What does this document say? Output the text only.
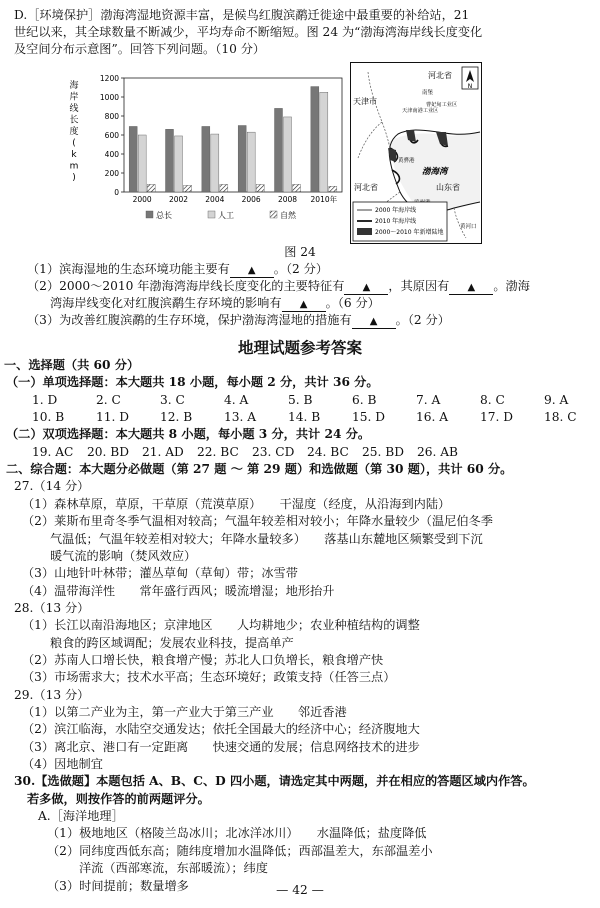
D.［环境保护］渤海湾湿地资源丰富，是候鸟红腹滨鹬迁徙途中最重要的补给站，21
世纪以来，其全球数量不断减少，平均寿命不断缩短。图 24 为“渤海湾海岸线长度变化
及空间分布示意图”。回答下列问题。（10 分）
0
200
400
600
800
1000
1200
海
岸
线
长
度
(
k
m
)
2000 2002 2004 2006 2008 2010年
总长	人工	自然
N
河北省
天津市
南堡
天津南港工业区
曹妃甸工业区
渤海湾
黄骅港
河北省	山东省
黄河口
2000 年海岸线
2010 年海岸线
2000～2010 年新增陆地
图 24
（1）滨海湿地的生态环境功能主要有 ▲ 。（2 分）
（2）2000～2010 年渤海湾海岸线长度变化的主要特征有 ▲ ，其原因有 ▲ 。渤海
湾海岸线变化对红腹滨鹬生存环境的影响有 ▲ 。（6 分）
（3）为改善红腹滨鹬的生存环境，保护渤海湾湿地的措施有 ▲ 。（2 分）
地理试题参考答案
一、选择题（共 60 分）
（一）单项选择题：本大题共 18 小题，每小题 2 分，共计 36 分。
1. D	2. C	3. C	4. A	5. B	6. B	7. A	8. C	9. A
10. B	11. D	12. B	13. A	14. B	15. D	16. A	17. D	18. C
（二）双项选择题：本大题共 8 小题，每小题 3 分，共计 24 分。
19. AC 20. BD 21. AD 22. BC 23. CD 24. BC 25. BD 26. AB
二、综合题：本大题分必做题（第 27 题 ～ 第 29 题）和选做题（第 30 题），共计 60 分。
27.（14 分）
（1）森林草原，草原，干草原（荒漠草原）　　干湿度（经度，从沿海到内陆）
（2）莱斯布里奇冬季气温相对较高；气温年较差相对较小；年降水量较少（温尼伯冬季
气温低；气温年较差相对较大；年降水量较多）　　落基山东麓地区频繁受到下沉
暖气流的影响（焚风效应）
（3）山地针叶林带；灌丛草甸（草甸）带；冰雪带
（4）温带海洋性　　常年盛行西风；暖流增湿；地形抬升
28.（13 分）
（1）长江以南沿海地区；京津地区　　人均耕地少；农业种植结构的调整
粮食的跨区域调配；发展农业科技，提高单产
（2）苏南人口增长快，粮食增产慢；苏北人口负增长，粮食增产快
（3）市场需求大；技术水平高；生态环境好；政策支持（任答三点）
29.（13 分）
（1）以第二产业为主，第一产业大于第三产业　　邻近香港
（2）滨江临海，水陆空交通发达；依托全国最大的经济中心；经济腹地大
（3）离北京、港口有一定距离　　快速交通的发展；信息网络技术的进步
（4）因地制宜
30.【选做题】本题包括 A、B、C、D 四小题，请选定其中两题，并在相应的答题区域内作答。
若多做，则按作答的前两题评分。
A.［海洋地理］
（1）极地地区（格陵兰岛冰川；北冰洋冰川）　　水温降低；盐度降低
（2）同纬度西低东高；随纬度增加水温降低；西部温差大，东部温差小
洋流（西部寒流，东部暖流）；纬度
（3）时间提前；数量增多	— 42 —
